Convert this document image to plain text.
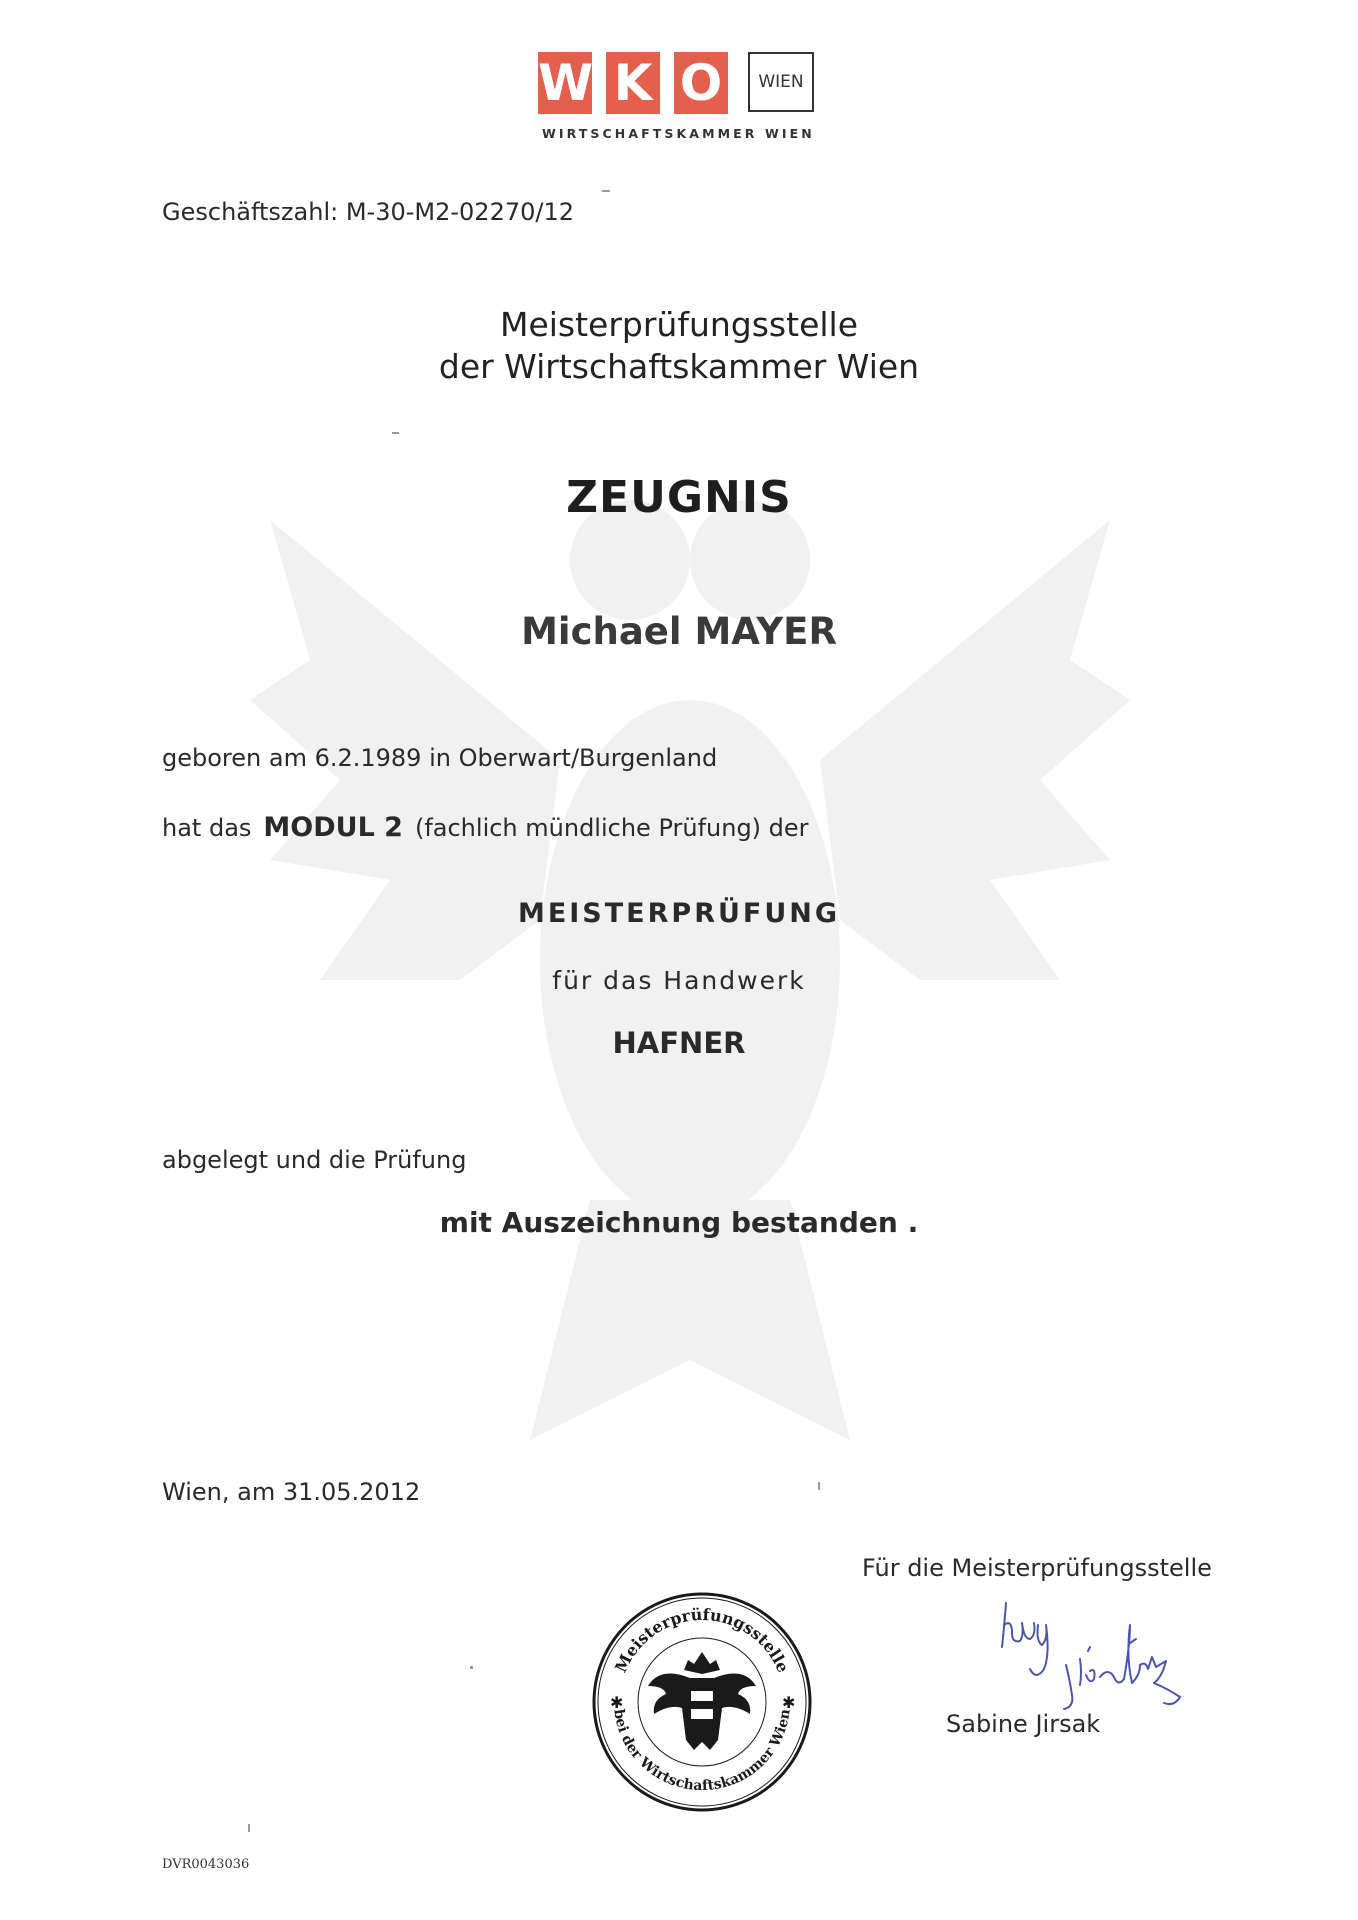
W K O	WIEN
WIRTSCHAFTSKAMMER WIEN
Geschäftszahl: M-30-M2-02270/12
Meisterprüfungsstelle
der Wirtschaftskammer Wien
ZEUGNIS
Michael MAYER
geboren am 6.2.1989 in Oberwart/Burgenland
hat das MODUL 2 (fachlich mündliche Prüfung) der
MEISTERPRÜFUNG
für das Handwerk
HAFNER
abgelegt und die Prüfung
mit Auszeichnung bestanden .
Wien, am 31.05.2012
Für die Meisterprüfungsstelle
Meisterprüfungsstelle
bei der Wirtschaftskammer Wien
✱	✱
Sabine Jirsak
DVR0043036
